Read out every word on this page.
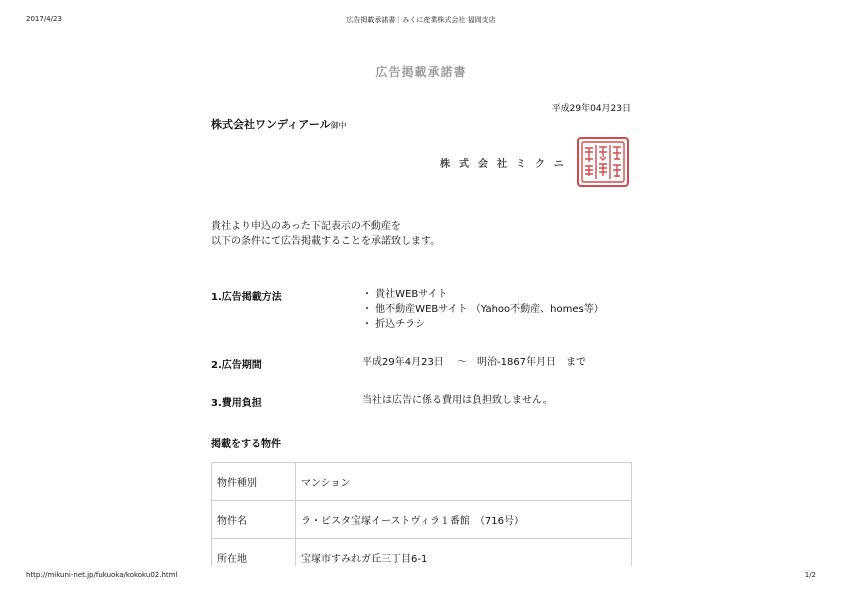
2017/4/23	広告掲載承諾書｜みくに産業株式会社 福岡支店
広告掲載承諾書
平成29年04月23日
株式会社ワンディアール御中
株式会社ミクニ
貴社より申込のあった下記表示の不動産を
以下の条件にて広告掲載することを承諾致します。
1.広告掲載方法	・ 貴社WEBサイト
・ 他不動産WEBサイト （Yahoo不動産、homes等）
・ 折込チラシ
2.広告期間	平成29年4月23日　 ～　明治-1867年月日　まで
3.費用負担	当社は広告に係る費用は負担致しません。
掲載をする物件
物件種別	マンション
物件名	ラ・ビスタ宝塚イーストヴィラ１番館　（716号）
所在地	宝塚市すみれガ丘三丁目6-1
http://mikuni-net.jp/fukuoka/kokoku02.html	1/2
